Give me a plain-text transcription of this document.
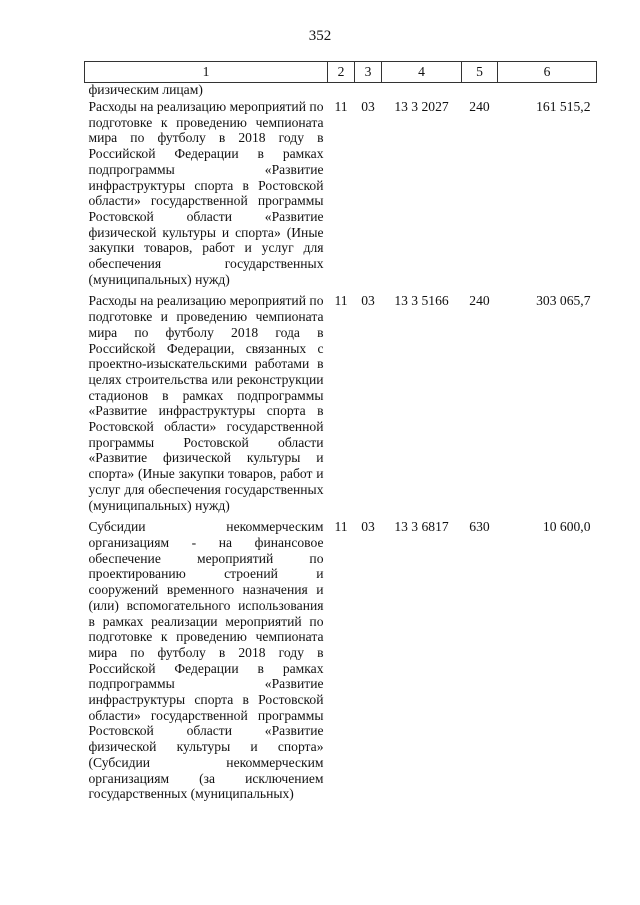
352
1	2	3	4	5	6
физическим лицам)					
Расходы на реализацию мероприятий по подготовке к проведению чемпионата мира по футболу в 2018 году в Российской Федерации в рамках подпрограммы «Развитие инфраструктуры спорта в Ростовской области» государственной программы Ростовской области «Развитие физической культуры и спорта» (Иные закупки товаров, работ и услуг для обеспечения государственных (муниципальных) нужд)	11	03	13 3 2027	240	161 515,2
Расходы на реализацию мероприятий по подготовке и проведению чемпионата мира по футболу 2018 года в Российской Федерации, связанных с проектно-изыскательскими работами в целях строительства или реконструкции стадионов в рамках подпрограммы «Развитие инфраструктуры спорта в Ростовской области» государственной программы Ростовской области «Развитие физической культуры и спорта» (Иные закупки товаров, работ и услуг для обеспечения государственных (муниципальных) нужд)	11	03	13 3 5166	240	303 065,7
Субсидии некоммерческим организациям - на финансовое обеспечение мероприятий по проектированию строений и сооружений временного назначения и (или) вспомогательного использования в рамках реализации мероприятий по подготовке к проведению чемпионата мира по футболу в 2018 году в Российской Федерации в рамках подпрограммы «Развитие инфраструктуры спорта в Ростовской области» государственной программы Ростовской области «Развитие физической культуры и спорта» (Субсидии некоммерческим организациям (за исключением государственных (муниципальных)	11	03	13 3 6817	630	10 600,0
